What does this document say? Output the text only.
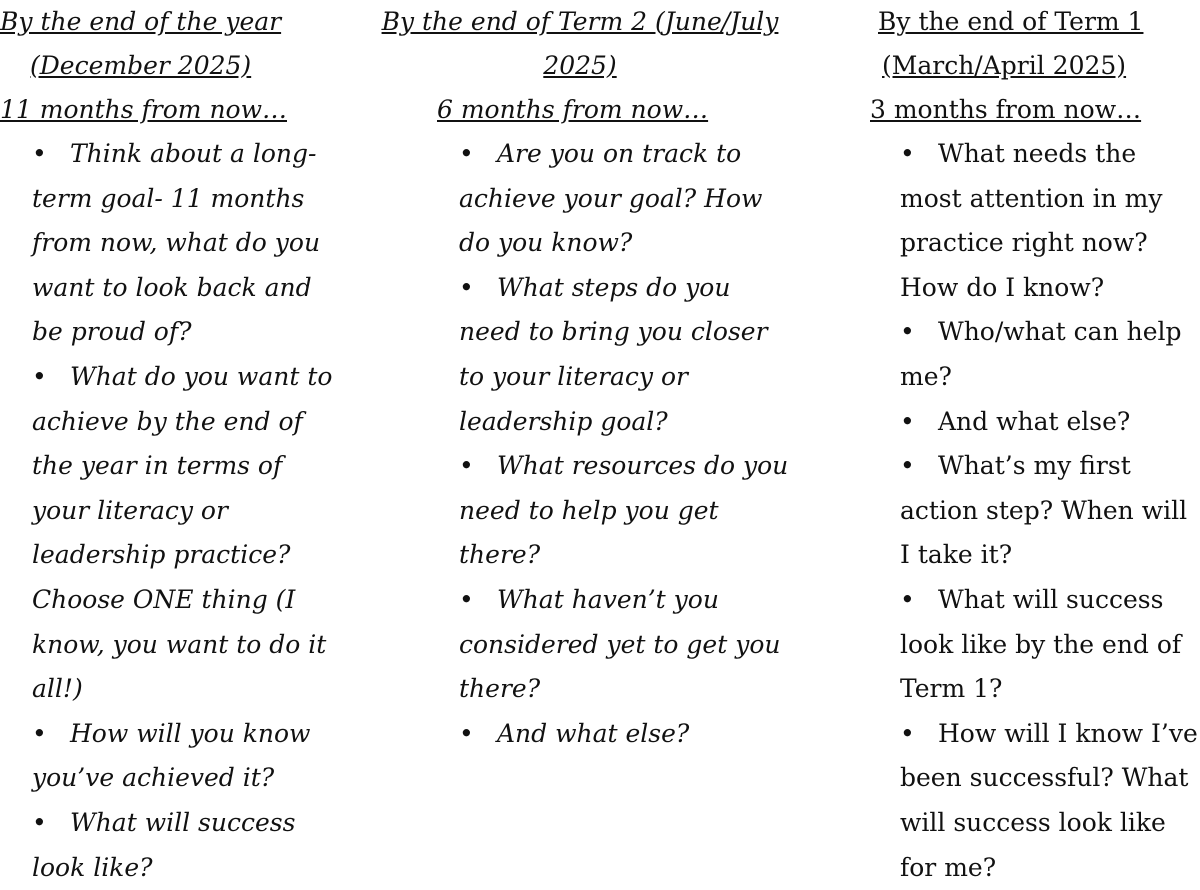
By the end of the year
(December 2025)
11 months from now…
• Think about a long-term goal- 11 months from now, what do you want to look back and be proud of?
• What do you want to achieve by the end of the year in terms of your literacy or leadership practice? Choose ONE thing (I know, you want to do it all!)
• How will you know you’ve achieved it?
• What will success look like?
By the end of Term 2 (June/July
2025)
6 months from now…
• Are you on track to achieve your goal? How do you know?
• What steps do you need to bring you closer to your literacy or leadership goal?
• What resources do you need to help you get there?
• What haven’t you considered yet to get you there?
• And what else?
By the end of Term 1
(March/April 2025)
3 months from now…
• What needs the most attention in my practice right now? How do I know?
• Who/what can help me?
• And what else?
• What’s my first action step? When will I take it?
• What will success look like by the end of Term 1?
• How will I know I’ve been successful? What will success look like for me?
